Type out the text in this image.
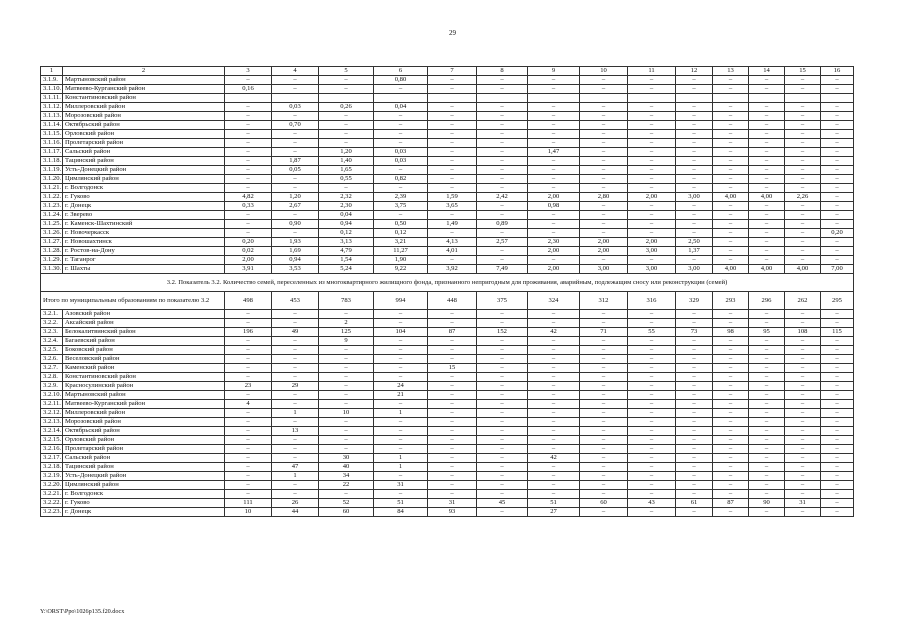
29
1	2	3	4	5	6	7	8	9	10	11	12	13	14	15	16
3.1.9.	Мартыновский район	–	–	–	0,80	–	–	–	–	–	–	–	–	–	–
3.1.10.	Матвеево-Курганский район	0,16	–	–	–	–	–	–	–	–	–	–	–	–	–
3.1.11.	Константиновский район														
3.1.12.	Миллеровский район	–	0,03	0,26	0,04	–	–	–	–	–	–	–	–	–	–
3.1.13.	Морозовский район	–	–	–	–	–	–	–	–	–	–	–	–	–	–
3.1.14.	Октябрьский район	–	0,70	–	–	–	–	–	–	–	–	–	–	–	–
3.1.15.	Орловский район	–	–	–	–	–	–	–	–	–	–	–	–	–	–
3.1.16.	Пролетарский район	–	–	–	–	–	–	–	–	–	–	–	–	–	–
3.1.17.	Сальский район	–	–	1,20	0,03	–	–	1,47	–	–	–	–	–	–	–
3.1.18.	Тацинский район	–	1,87	1,40	0,03	–	–	–	–	–	–	–	–	–	–
3.1.19.	Усть-Донецкий район	–	0,05	1,65	–	–	–	–	–	–	–	–	–	–	–
3.1.20.	Цимлянский район	–	–	0,55	0,82	–	–	–	–	–	–	–	–	–	–
3.1.21.	г. Волгодонск	–	–	–	–	–	–	–	–	–	–	–	–	–	–
3.1.22.	г. Гуково	4,82	1,20	2,32	2,39	1,59	2,42	2,00	2,80	2,00	3,00	4,00	4,00	2,26	–
3.1.23.	г. Донецк	0,33	2,67	2,30	3,75	3,65	–	0,98	–	–	–	–	–	–	–
3.1.24.	г. Зверево	–	–	0,04	–	–	–	–	–	–	–	–	–	–	–
3.1.25.	г. Каменск-Шахтинский	–	0,90	0,94	0,50	1,49	0,89	–	–	–	–	–	–	–	–
3.1.26.	г. Новочеркасск	–	–	0,12	0,12	–	–	–	–	–	–	–	–	–	0,20
3.1.27.	г. Новошахтинск	0,20	1,93	3,13	3,21	4,13	2,57	2,30	2,00	2,00	2,50	–	–	–	–
3.1.28.	г. Ростов-на-Дону	0,02	1,69	4,79	11,27	4,01	–	2,00	2,00	3,00	1,37	–	–	–	–
3.1.29.	г. Таганрог	2,00	0,94	1,54	1,90	–	–	–	–	–	–	–	–	–	–
3.1.30.	г. Шахты	3,91	3,53	5,24	9,22	3,92	7,49	2,00	3,00	3,00	3,00	4,00	4,00	4,00	7,00
3.2. Показатель 3.2. Количество семей, переселенных из многоквартирного жилищного фонда, признанного непригодным для проживания, аварийным, подлежащим сносу или реконструкции (семей)															
Итого по муниципальным образованиям по показателю 3.2		498	453	783	994	448	375	324	312	316	329	293	296	262	295
3.2.1.	Азовский район	–	–	–	–	–	–	–	–	–	–	–	–	–	–
3.2.2.	Аксайский район	–	–	2	–	–	–	–	–	–	–	–	–	–	–
3.2.3.	Белокалитвинский район	196	49	125	104	87	152	42	71	55	73	98	95	108	115
3.2.4.	Багаевский район	–	–	9	–	–	–	–	–	–	–	–	–	–	–
3.2.5.	Боковский район	–	–	–	–	–	–	–	–	–	–	–	–	–	–
3.2.6.	Веселовский район	–	–	–	–	–	–	–	–	–	–	–	–	–	–
3.2.7.	Каменский район	–	–	–	–	15	–	–	–	–	–	–	–	–	–
3.2.8.	Константиновский район	–	–	–	–	–	–	–	–	–	–	–	–	–	–
3.2.9.	Красносулинский район	23	29	–	24	–	–	–	–	–	–	–	–	–	–
3.2.10.	Мартыновский район	–	–	–	21	–	–	–	–	–	–	–	–	–	–
3.2.11.	Матвеево-Курганский район	4	–	–	–	–	–	–	–	–	–	–	–	–	–
3.2.12.	Миллеровский район	–	1	10	1	–	–	–	–	–	–	–	–	–	–
3.2.13.	Морозовский район	–	–	–	–	–	–	–	–	–	–	–	–	–	–
3.2.14.	Октябрьский район	–	13	–	–	–	–	–	–	–	–	–	–	–	–
3.2.15.	Орловский район	–	–	–	–	–	–	–	–	–	–	–	–	–	–
3.2.16.	Пролетарский район	–	–	–	–	–	–	–	–	–	–	–	–	–	–
3.2.17.	Сальский район	–	–	30	1	–	–	42	–	–	–	–	–	–	–
3.2.18.	Тацинский район	–	47	40	1	–	–	–	–	–	–	–	–	–	–
3.2.19.	Усть-Донецкий район	–	1	34	–	–	–	–	–	–	–	–	–	–	–
3.2.20.	Цимлянский район	–	–	22	31	–	–	–	–	–	–	–	–	–	–
3.2.21.	г. Волгодонск	–	–	–	–	–	–	–	–	–	–	–	–	–	–
3.2.22.	г. Гуково	111	26	52	51	31	45	51	60	43	61	87	90	31	–
3.2.23.	г. Донецк	10	44	60	84	93	–	27	–	–	–	–	–	–	–
Y:\ORST\Ppo\1026p135.f20.docx
